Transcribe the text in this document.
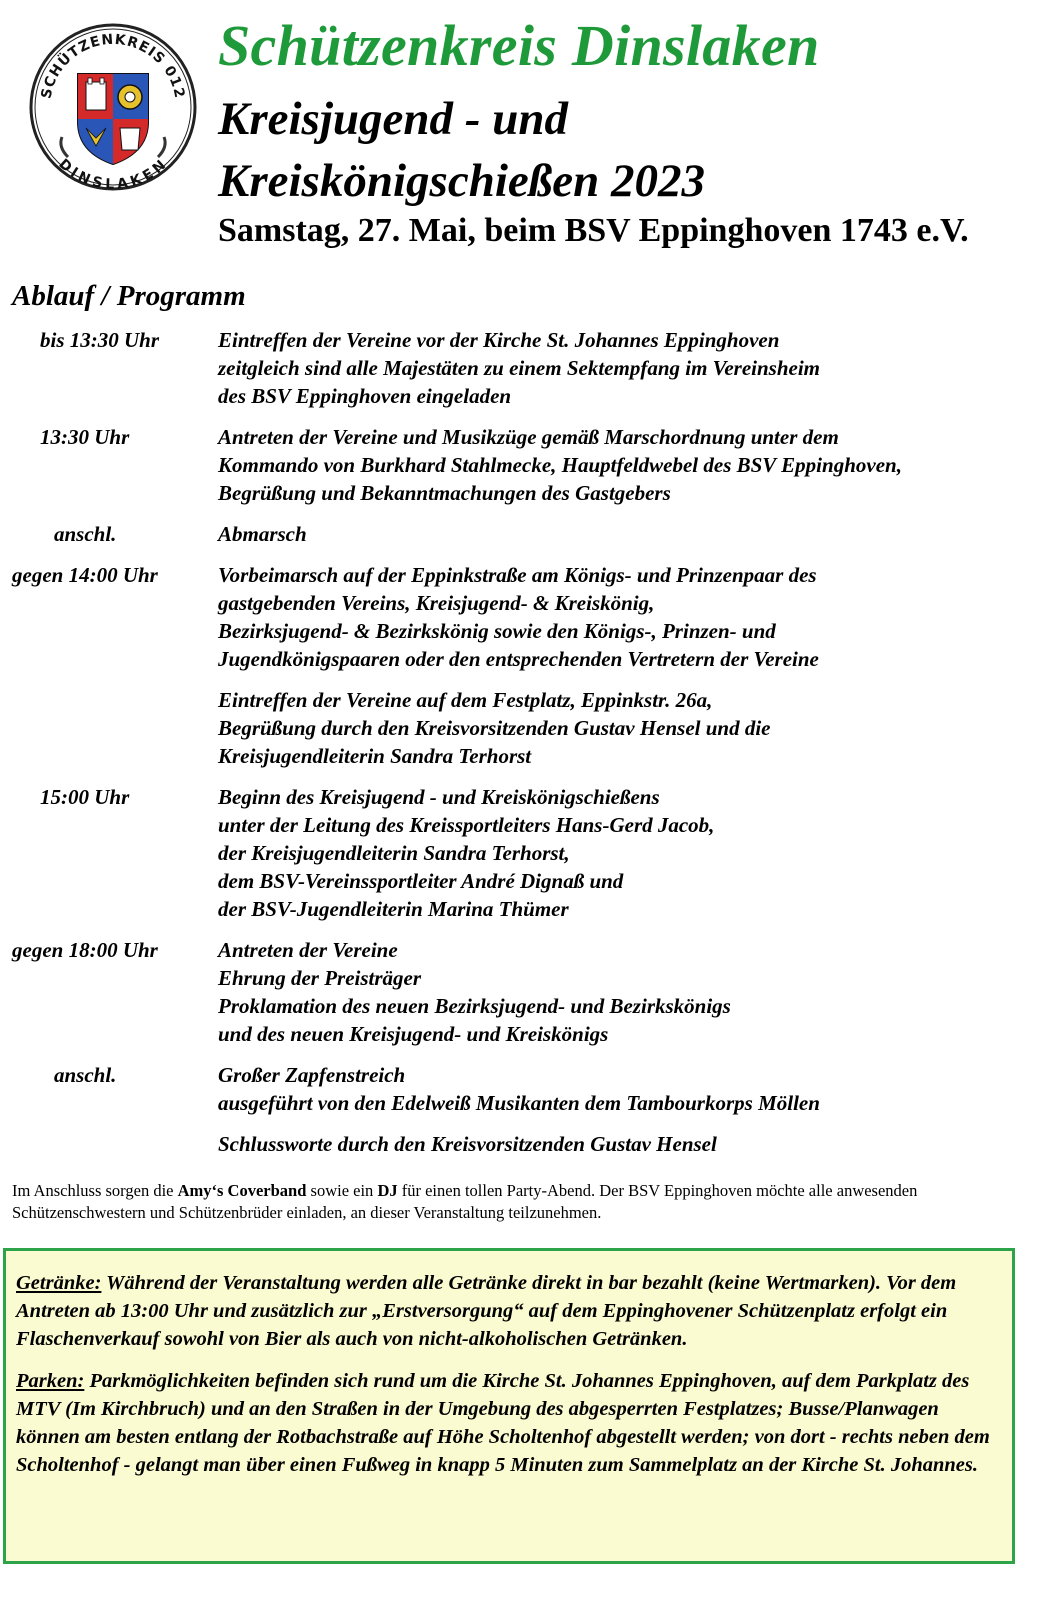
SCHÜTZENKREIS 012
DINSLAKEN
Schützenkreis Dinslaken
Kreisjugend - und
Kreiskönigschießen 2023
Samstag, 27. Mai, beim BSV Eppinghoven 1743 e.V.
Ablauf / Programm
bis 13:30 Uhr	Eintreffen der Vereine vor der Kirche St. Johannes Eppinghoven
zeitgleich sind alle Majestäten zu einem Sektempfang im Vereinsheim
des BSV Eppinghoven eingeladen
13:30 Uhr	Antreten der Vereine und Musikzüge gemäß Marschordnung unter dem
Kommando von Burkhard Stahlmecke, Hauptfeldwebel des BSV Eppinghoven,
Begrüßung und Bekanntmachungen des Gastgebers
anschl.	Abmarsch
gegen 14:00 Uhr	Vorbeimarsch auf der Eppinkstraße am Königs- und Prinzenpaar des
gastgebenden Vereins, Kreisjugend- & Kreiskönig,
Bezirksjugend- & Bezirkskönig sowie den Königs-, Prinzen- und
Jugendkönigspaaren oder den entsprechenden Vertretern der Vereine
Eintreffen der Vereine auf dem Festplatz, Eppinkstr. 26a,
Begrüßung durch den Kreisvorsitzenden Gustav Hensel und die
Kreisjugendleiterin Sandra Terhorst
15:00 Uhr	Beginn des Kreisjugend - und Kreiskönigschießens
unter der Leitung des Kreissportleiters Hans-Gerd Jacob,
der Kreisjugendleiterin Sandra Terhorst,
dem BSV-Vereinssportleiter André Dignaß und
der BSV-Jugendleiterin Marina Thümer
gegen 18:00 Uhr	Antreten der Vereine
Ehrung der Preisträger
Proklamation des neuen Bezirksjugend- und Bezirkskönigs
und des neuen Kreisjugend- und Kreiskönigs
anschl.	Großer Zapfenstreich
ausgeführt von den Edelweiß Musikanten dem Tambourkorps Möllen
Schlussworte durch den Kreisvorsitzenden Gustav Hensel
Im Anschluss sorgen die Amy‘s Coverband sowie ein DJ für einen tollen Party-Abend. Der BSV Eppinghoven möchte alle anwesenden Schützenschwestern und Schützenbrüder einladen, an dieser Veranstaltung teilzunehmen.

Getränke: Während der Veranstaltung werden alle Getränke direkt in bar bezahlt (keine Wertmarken). Vor dem Antreten ab 13:00 Uhr und zusätzlich zur „Erstversorgung“ auf dem Eppinghovener Schützenplatz erfolgt ein Flaschenverkauf sowohl von Bier als auch von nicht-alkoholischen Getränken.

Parken: Parkmöglichkeiten befinden sich rund um die Kirche St. Johannes Eppinghoven, auf dem Parkplatz des MTV (Im Kirchbruch) und an den Straßen in der Umgebung des abgesperrten Festplatzes; Busse/Planwagen können am besten entlang der Rotbachstraße auf Höhe Scholtenhof abgestellt werden; von dort - rechts neben dem Scholtenhof - gelangt man über einen Fußweg in knapp 5 Minuten zum Sammelplatz an der Kirche St. Johannes.
